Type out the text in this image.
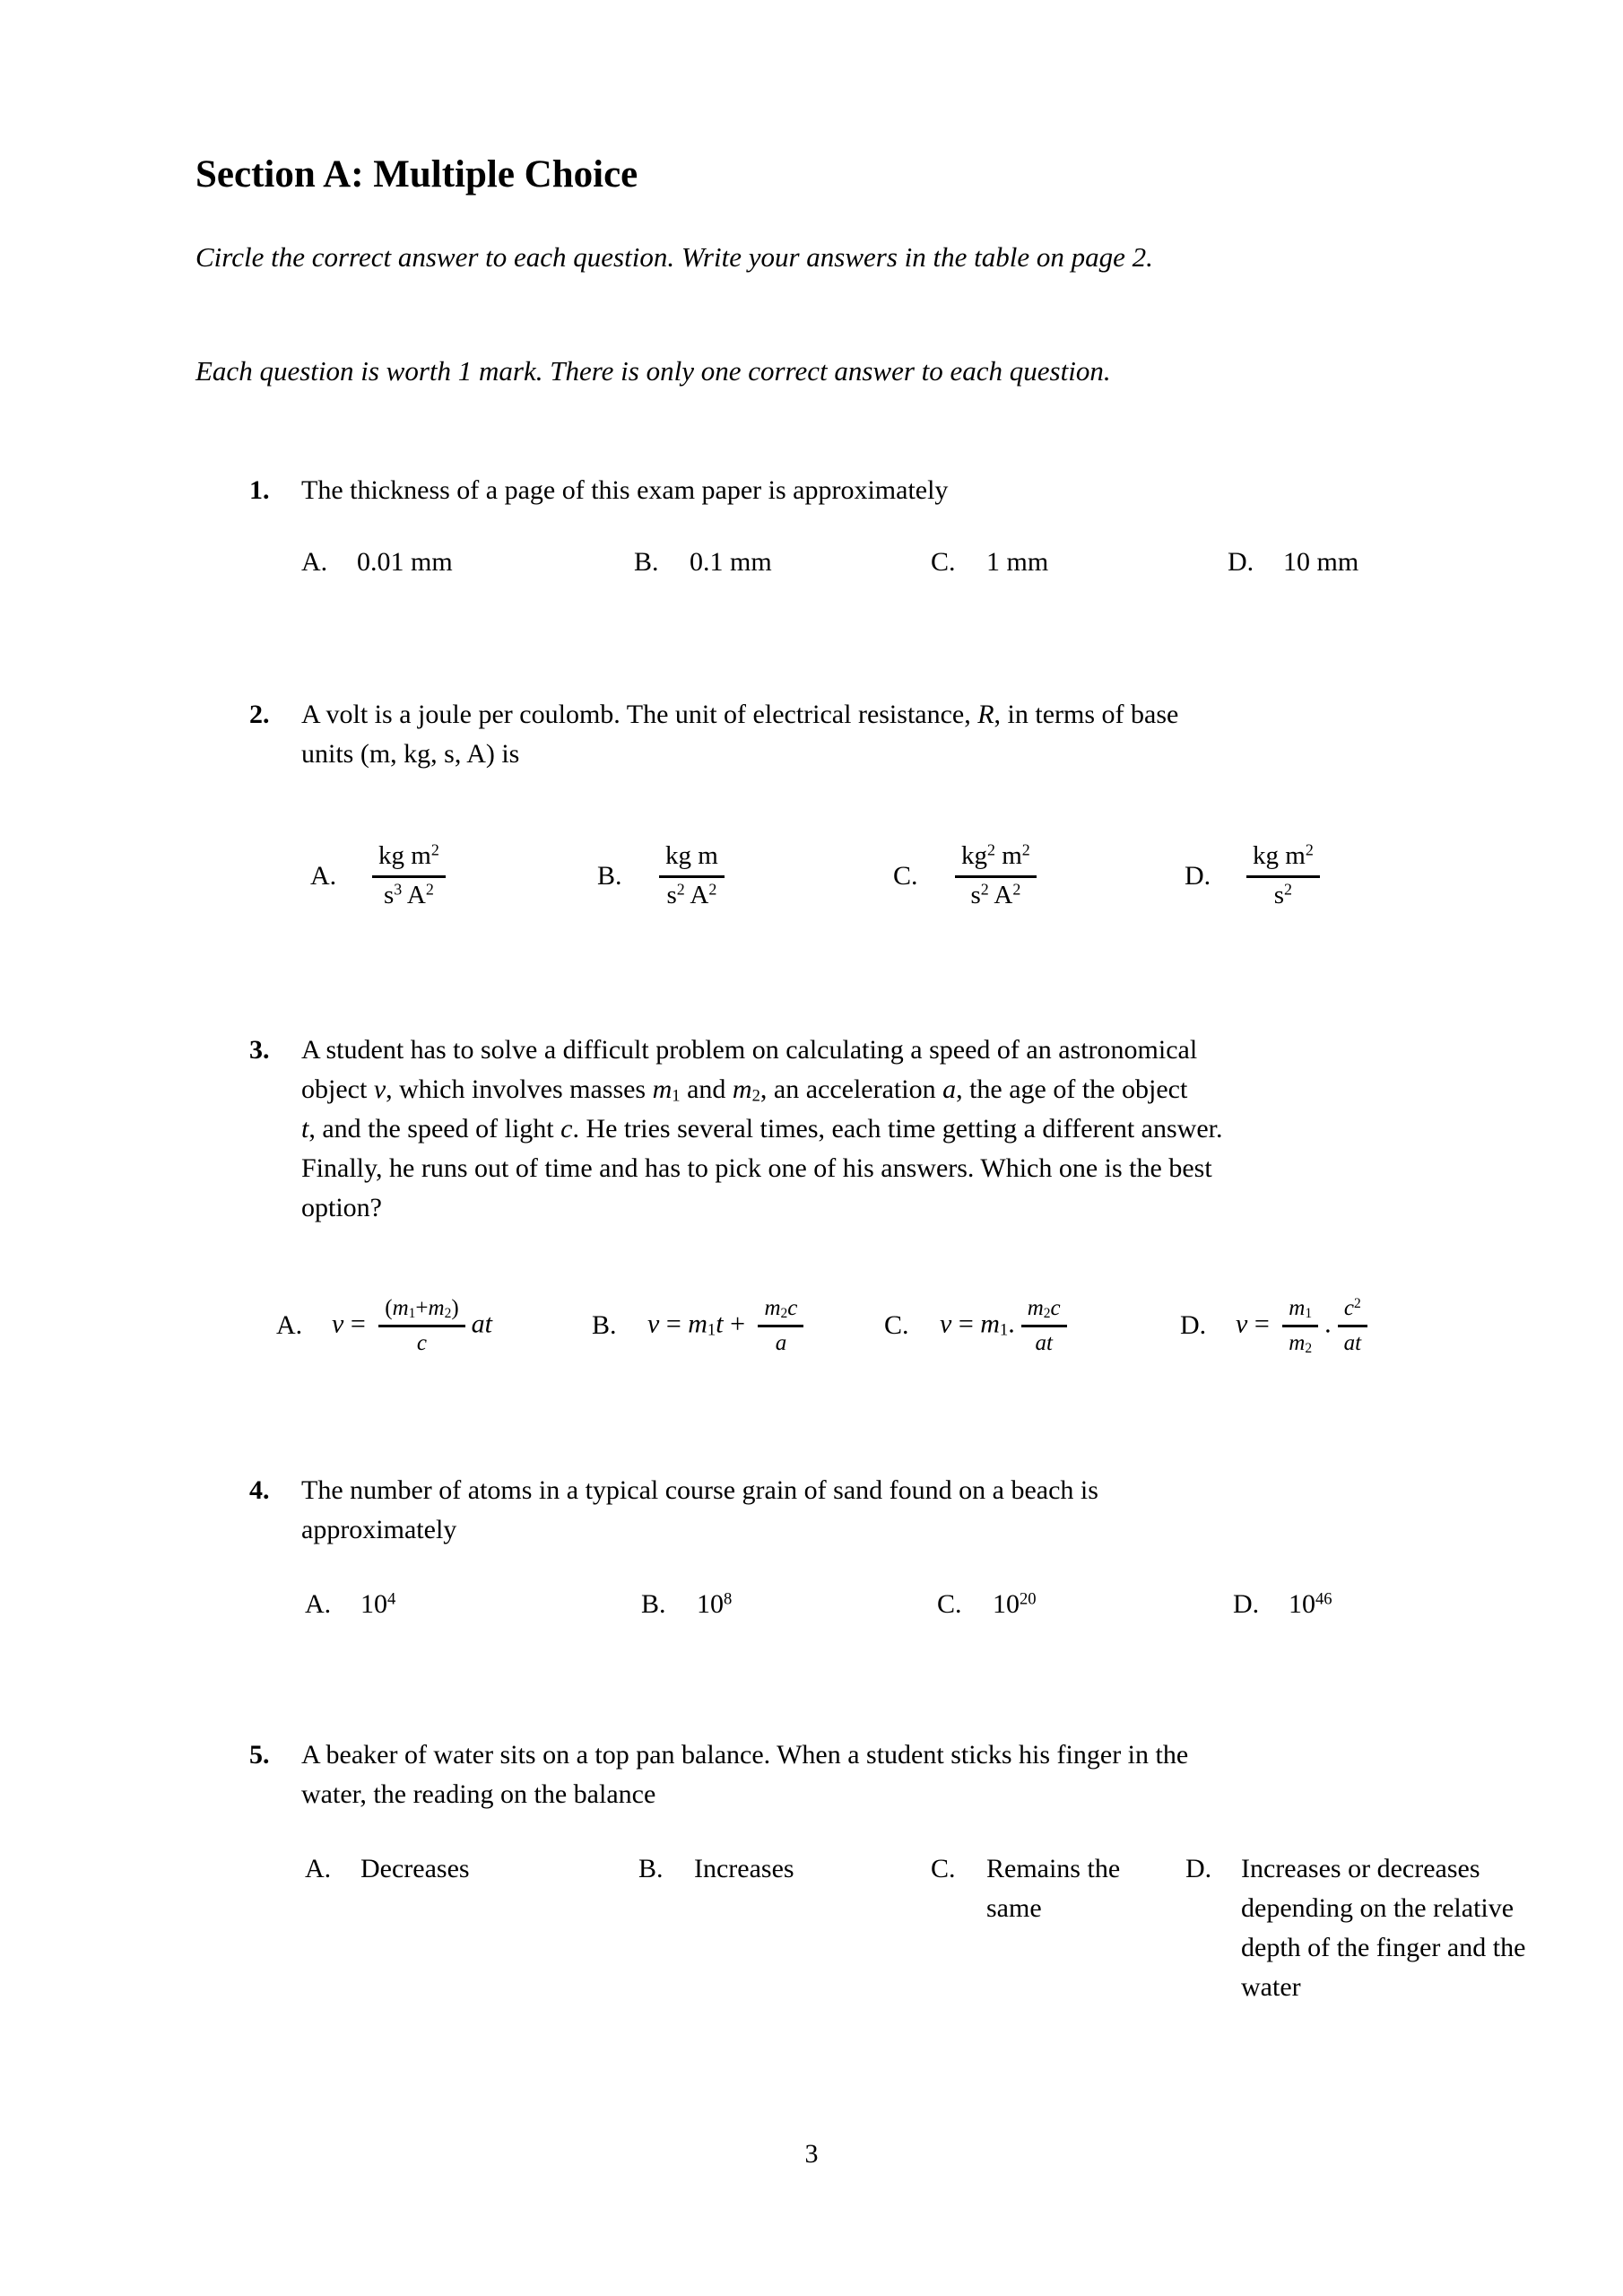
Section A: Multiple Choice
Circle the correct answer to each question. Write your answers in the table on page 2.
Each question is worth 1 mark. There is only one correct answer to each question.
1. The thickness of a page of this exam paper is approximately
A.	0.01 mm	B.	0.1 mm	C.	1 mm	D.	10 mm
2. A volt is a joule per coulomb. The unit of electrical resistance, R, in terms of base
units (m, kg, s, A) is
A.	$\frac{kg m^2}{s^3 A^2}$	B.	$\frac{\text{kg m}}{s^2 A^2}$	C.	$\frac{kg^2 m^2}{s^2 A^2}$	D.	$\frac{kg m^2}{s^2}$
3. A student has to solve a difficult problem on calculating a speed of an astronomical
object v, which involves masses $m_1$ and $m_2$, an acceleration a, the age of the object
t, and the speed of light c. He tries several times, each time getting a different answer.
Finally, he runs out of time and has to pick one of his answers. Which one is the best
option?
A.	$v = \frac{(m_1+m_2)}{c}$ at	B.	$v = m_1t + \frac{m_2c}{a}$	C.	$v = m_1$. $\frac{m_2c}{at}$	D.	$v = \frac{m_1}{m_2}$ . $\frac{c^2}{at}$
4. The number of atoms in a typical course grain of sand found on a beach is
approximately
A.	$10^4$	B.	$10^8$	C.	$10^{20}$	D.	$10^{46}$
5. A beaker of water sits on a top pan balance. When a student sticks his finger in the
water, the reading on the balance
A.	Decreases	B.	Increases	C.	Remains the same
D.	Increases or decreases depending on the relative depth of the finger and the water
3
